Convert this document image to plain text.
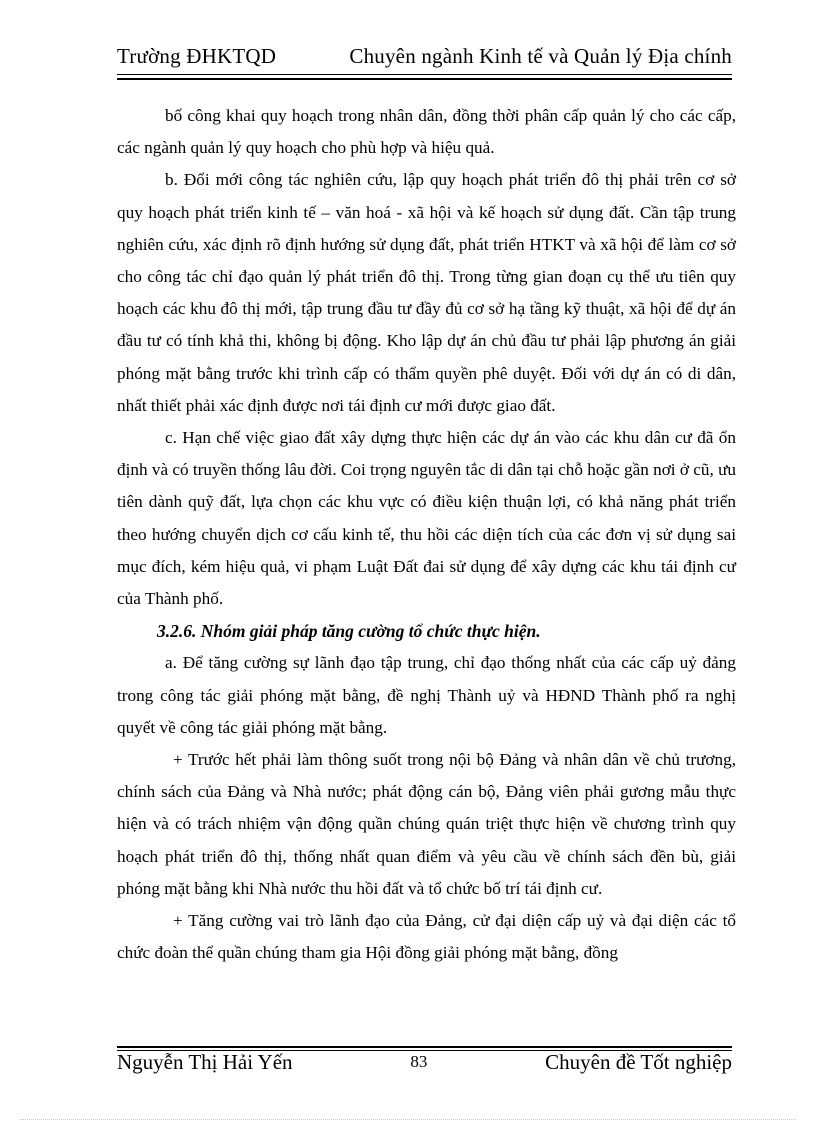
Trường ĐHKTQD	Chuyên ngành Kinh tế và Quản lý Địa chính

bố công khai quy hoạch trong nhân dân, đồng thời phân cấp quản lý cho các cấp, các ngành quản lý quy hoạch cho phù hợp và hiệu quả.

b. Đổi mới công tác nghiên cứu, lập quy hoạch phát triển đô thị phải trên cơ sở quy hoạch phát triển kinh tế – văn hoá - xã hội và kế hoạch sử dụng đất. Cần tập trung nghiên cứu, xác định rõ định hướng sử dụng đất, phát triển HTKT và xã hội để làm cơ sở cho công tác chỉ đạo quản lý phát triển đô thị. Trong từng gian đoạn cụ thể ưu tiên quy hoạch các khu đô thị mới, tập trung đầu tư đầy đủ cơ sở hạ tầng kỹ thuật, xã hội để dự án đầu tư có tính khả thi, không bị động. Kho lập dự án chủ đầu tư phải lập phương án giải phóng mặt bằng trước khi trình cấp có thẩm quyền phê duyệt. Đối với dự án có di dân, nhất thiết phải xác định được nơi tái định cư mới được giao đất.

c. Hạn chế việc giao đất xây dựng thực hiện các dự án vào các khu dân cư đã ổn định và có truyền thống lâu đời. Coi trọng nguyên tắc di dân tại chỗ hoặc gần nơi ở cũ, ưu tiên dành quỹ đất, lựa chọn các khu vực có điều kiện thuận lợi, có khả năng phát triển theo hướng chuyển dịch cơ cấu kinh tế, thu hồi các diện tích của các đơn vị sử dụng sai mục đích, kém hiệu quả, vi phạm Luật Đất đai sử dụng để xây dựng các khu tái định cư của Thành phố.

3.2.6. Nhóm giải pháp tăng cường tổ chức thực hiện.

a. Để tăng cường sự lãnh đạo tập trung, chỉ đạo thống nhất của các cấp uỷ đảng trong công tác giải phóng mặt bằng, đề nghị Thành uỷ và HĐND Thành phố ra nghị quyết về công tác giải phóng mặt bằng.

+ Trước hết phải làm thông suốt trong nội bộ Đảng và nhân dân về chủ trương, chính sách của Đảng và Nhà nước; phát động cán bộ, Đảng viên phải gương mẫu thực hiện và có trách nhiệm vận động quần chúng quán triệt thực hiện về chương trình quy hoạch phát triển đô thị, thống nhất quan điểm và yêu cầu về chính sách đền bù, giải phóng mặt bằng khi Nhà nước thu hồi đất và tổ chức bố trí tái định cư.

+ Tăng cường vai trò lãnh đạo của Đảng, cử đại diện cấp uỷ và đại diện các tổ chức đoàn thể quần chúng tham gia Hội đồng giải phóng mặt bằng, đồng

Nguyễn Thị Hải Yến	83	Chuyên đề Tốt nghiệp
